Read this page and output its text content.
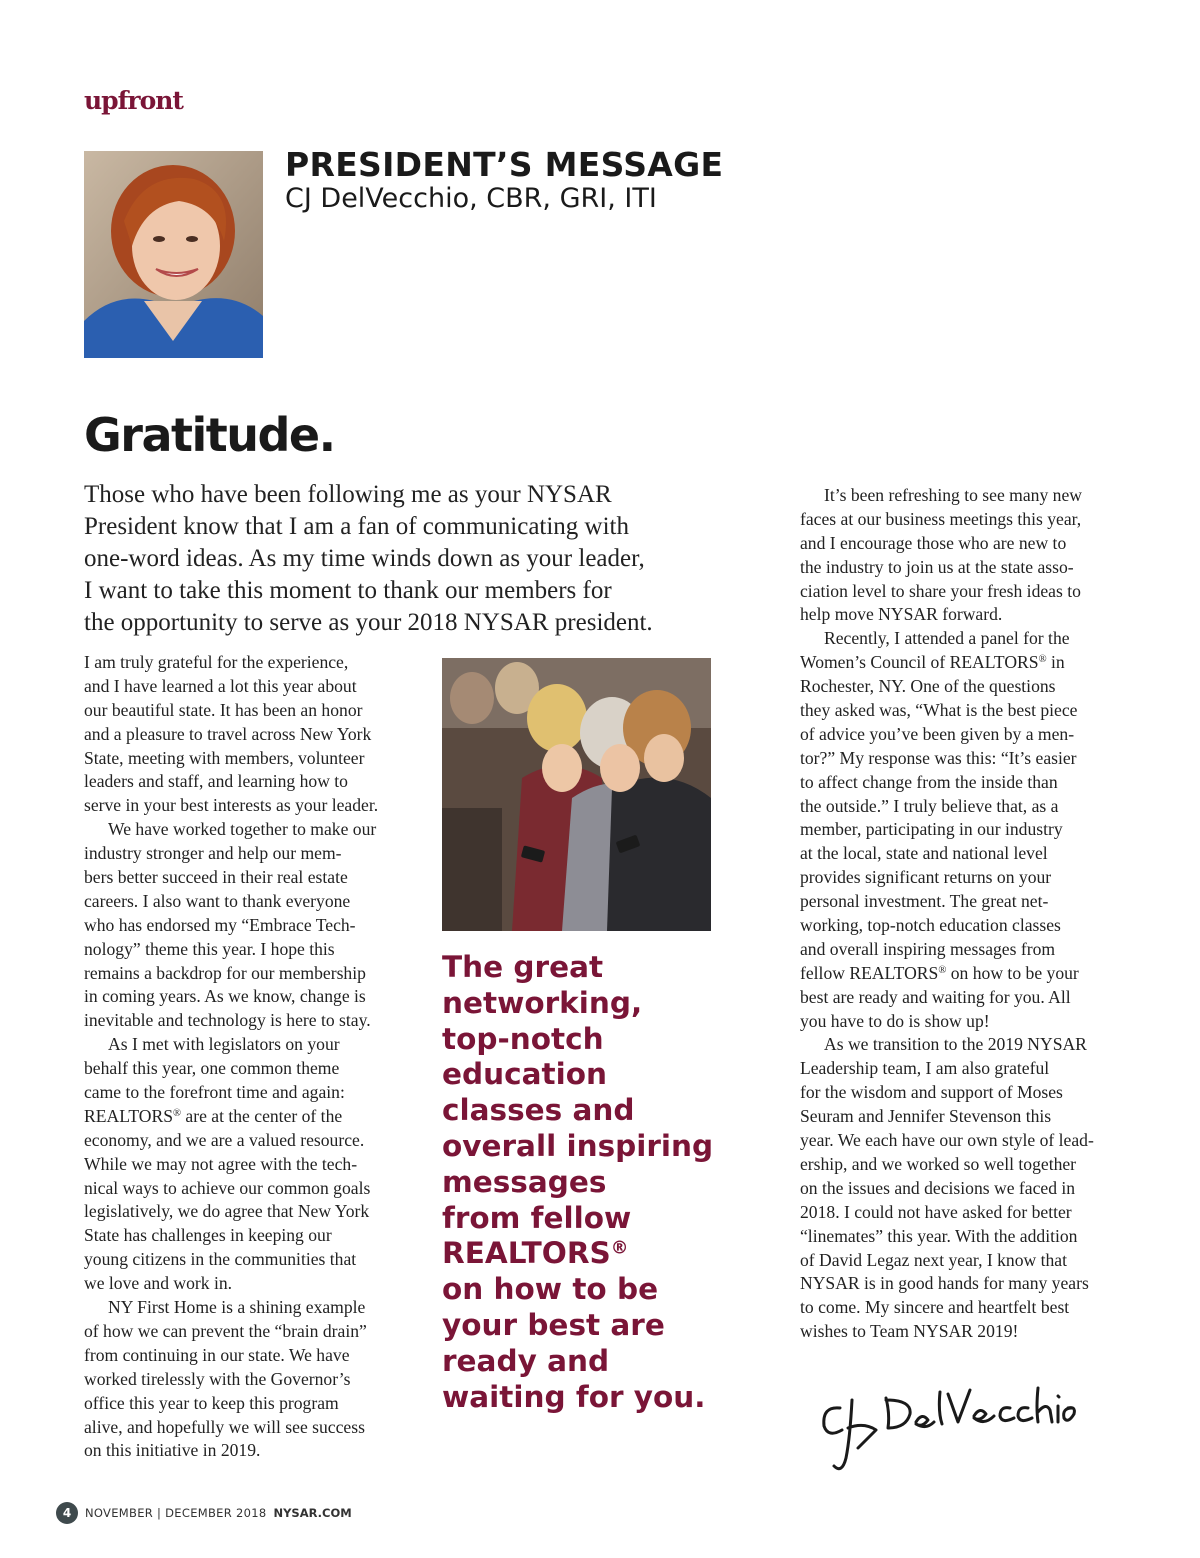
upfront
PRESIDENT’S MESSAGE
CJ DelVecchio, CBR, GRI, ITI
Gratitude.
Those who have been following me as your NYSAR
President know that I am a fan of communicating with
one-word ideas. As my time winds down as your leader,
I want to take this moment to thank our members for
the opportunity to serve as your 2018 NYSAR president.
I am truly grateful for the experience,
and I have learned a lot this year about
our beautiful state. It has been an honor
and a pleasure to travel across New York
State, meeting with members, volunteer
leaders and staff, and learning how to
serve in your best interests as your leader.
We have worked together to make our
industry stronger and help our mem-
bers better succeed in their real estate
careers. I also want to thank everyone
who has endorsed my “Embrace Tech-
nology” theme this year. I hope this
remains a backdrop for our membership
in coming years. As we know, change is
inevitable and technology is here to stay.
As I met with legislators on your
behalf this year, one common theme
came to the forefront time and again:
REALTORS® are at the center of the
economy, and we are a valued resource.
While we may not agree with the tech-
nical ways to achieve our common goals
legislatively, we do agree that New York
State has challenges in keeping our
young citizens in the communities that
we love and work in.
NY First Home is a shining example
of how we can prevent the “brain drain”
from continuing in our state. We have
worked tirelessly with the Governor’s
office this year to keep this program
alive, and hopefully we will see success
on this initiative in 2019.
The great
networking,
top-notch
education
classes and
overall inspiring
messages
from fellow
REALTORS®
on how to be
your best are
ready and
waiting for you.
It’s been refreshing to see many new
faces at our business meetings this year,
and I encourage those who are new to
the industry to join us at the state asso-
ciation level to share your fresh ideas to
help move NYSAR forward.
Recently, I attended a panel for the
Women’s Council of REALTORS® in
Rochester, NY. One of the questions
they asked was, “What is the best piece
of advice you’ve been given by a men-
tor?” My response was this: “It’s easier
to affect change from the inside than
the outside.” I truly believe that, as a
member, participating in our industry
at the local, state and national level
provides significant returns on your
personal investment. The great net-
working, top-notch education classes
and overall inspiring messages from
fellow REALTORS® on how to be your
best are ready and waiting for you. All
you have to do is show up!
As we transition to the 2019 NYSAR
Leadership team, I am also grateful
for the wisdom and support of Moses
Seuram and Jennifer Stevenson this
year. We each have our own style of lead-
ership, and we worked so well together
on the issues and decisions we faced in
2018. I could not have asked for better
“linemates” this year. With the addition
of David Legaz next year, I know that
NYSAR is in good hands for many years
to come. My sincere and heartfelt best
wishes to Team NYSAR 2019!
4	NOVEMBER | DECEMBER 2018 NYSAR.COM
